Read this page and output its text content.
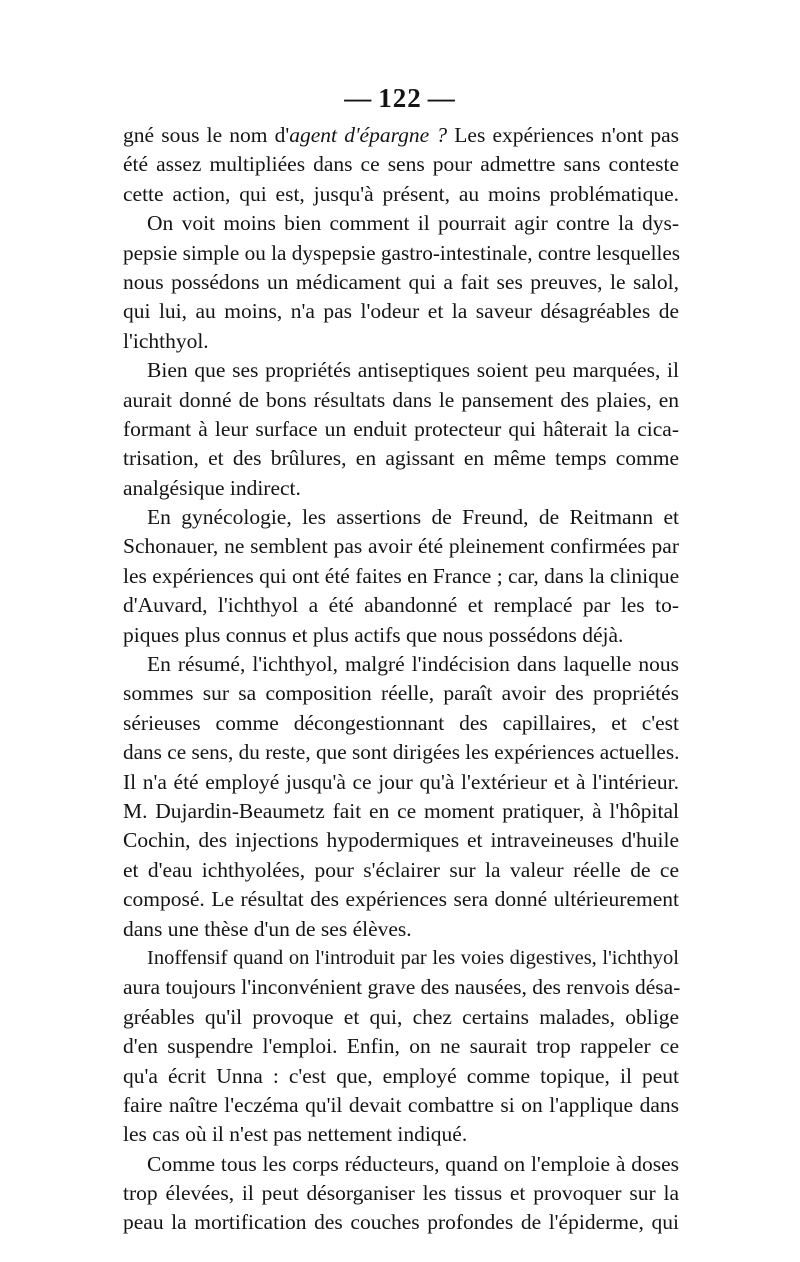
— 122 —
gné sous le nom d'agent d'épargne ? Les expériences n'ont pas
été assez multipliées dans ce sens pour admettre sans conteste
cette action, qui est, jusqu'à présent, au moins problématique.
On voit moins bien comment il pourrait agir contre la dys-
pepsie simple ou la dyspepsie gastro-intestinale, contre lesquelles
nous possédons un médicament qui a fait ses preuves, le salol,
qui lui, au moins, n'a pas l'odeur et la saveur désagréables de
l'ichthyol.
Bien que ses propriétés antiseptiques soient peu marquées, il
aurait donné de bons résultats dans le pansement des plaies, en
formant à leur surface un enduit protecteur qui hâterait la cica-
trisation, et des brûlures, en agissant en même temps comme
analgésique indirect.
En gynécologie, les assertions de Freund, de Reitmann et
Schonauer, ne semblent pas avoir été pleinement confirmées par
les expériences qui ont été faites en France ; car, dans la clinique
d'Auvard, l'ichthyol a été abandonné et remplacé par les to-
piques plus connus et plus actifs que nous possédons déjà.
En résumé, l'ichthyol, malgré l'indécision dans laquelle nous
sommes sur sa composition réelle, paraît avoir des propriétés
sérieuses comme décongestionnant des capillaires, et c'est
dans ce sens, du reste, que sont dirigées les expériences actuelles.
Il n'a été employé jusqu'à ce jour qu'à l'extérieur et à l'intérieur.
M. Dujardin-Beaumetz fait en ce moment pratiquer, à l'hôpital
Cochin, des injections hypodermiques et intraveineuses d'huile
et d'eau ichthyolées, pour s'éclairer sur la valeur réelle de ce
composé. Le résultat des expériences sera donné ultérieurement
dans une thèse d'un de ses élèves.
Inoffensif quand on l'introduit par les voies digestives, l'ichthyol
aura toujours l'inconvénient grave des nausées, des renvois désa-
gréables qu'il provoque et qui, chez certains malades, oblige
d'en suspendre l'emploi. Enfin, on ne saurait trop rappeler ce
qu'a écrit Unna : c'est que, employé comme topique, il peut
faire naître l'eczéma qu'il devait combattre si on l'applique dans
les cas où il n'est pas nettement indiqué.
Comme tous les corps réducteurs, quand on l'emploie à doses
trop élevées, il peut désorganiser les tissus et provoquer sur la
peau la mortification des couches profondes de l'épiderme, qui
